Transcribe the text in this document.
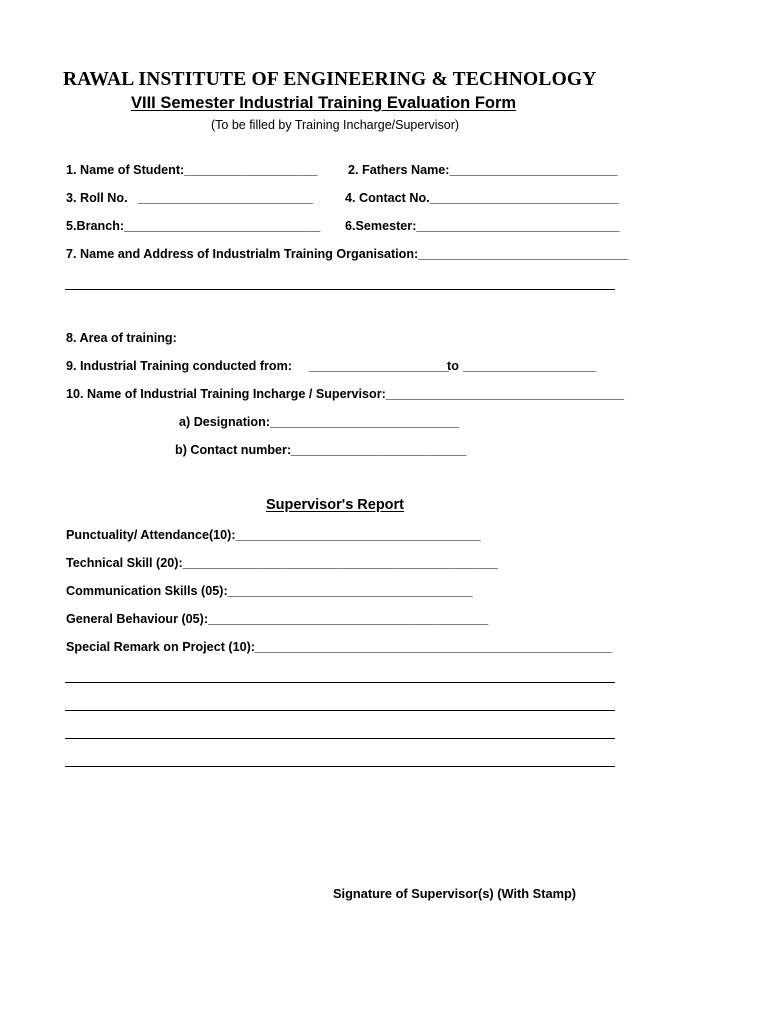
RAWAL INSTITUTE OF ENGINEERING & TECHNOLOGY
VIII Semester Industrial Training Evaluation Form
(To be filled by Training Incharge/Supervisor)
1. Name of Student:___________________ 2. Fathers Name:________________________
3. Roll No.   _________________________	4. Contact No.___________________________
5.Branch:____________________________ 6.Semester:_____________________________
7. Name and Address of Industrialm Training Organisation:______________________________
8. Area of training:
9. Industrial Training conducted from: ____________________
to ___________________
10. Name of Industrial Training Incharge / Supervisor:__________________________________
a) Designation:___________________________
b) Contact number:_________________________
Supervisor's Report
Punctuality/ Attendance(10):___________________________________
Technical Skill (20):_____________________________________________
Communication Skills (05):___________________________________
General Behaviour (05):________________________________________
Special Remark on Project (10):___________________________________________________
Signature of Supervisor(s) (With Stamp)
